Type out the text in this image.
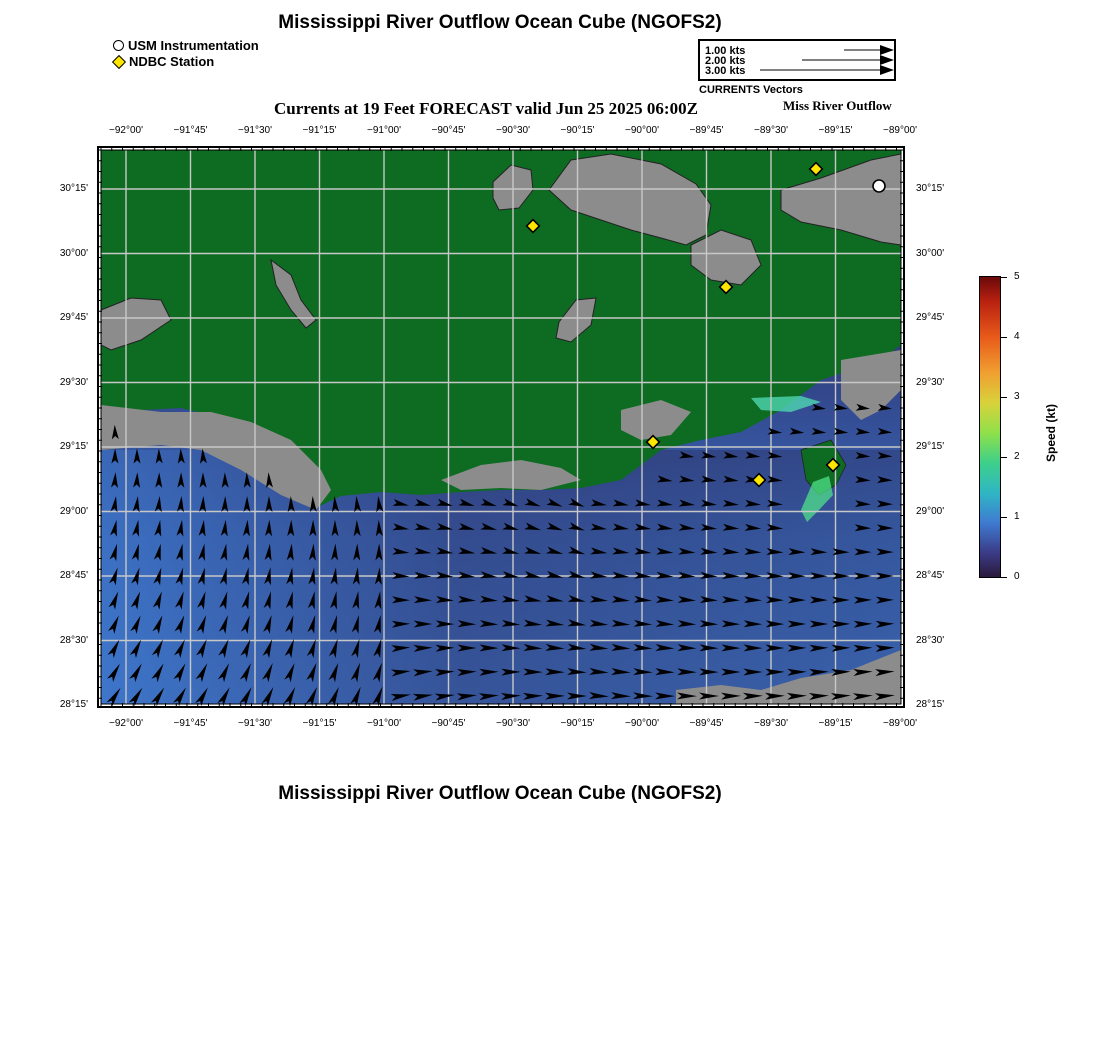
Mississippi River Outflow Ocean Cube (NGOFS2)
USM Instrumentation
NDBC Station
1.00 kts
2.00 kts
3.00 kts
CURRENTS Vectors
Currents at 19 Feet FORECAST valid Jun 25 2025 06:00Z	Miss River Outflow
−92°00'	−91°45'	−91°30'	−91°15'	−91°00'	−90°45'	−90°30'	−90°15'	−90°00'	−89°45'	−89°30'	−89°15'	−89°00'
−92°00'	−91°45'	−91°30'	−91°15'	−91°00'	−90°45'	−90°30'	−90°15'	−90°00'	−89°45'	−89°30'	−89°15'	−89°00'
30°15'
30°00'
29°45'
29°30'
29°15'
29°00'
28°45'
28°30'
28°15'
30°15'
30°00'
29°45'
29°30'
29°15'
29°00'
28°45'
28°30'
28°15'
5
4
3
2
1
0
Speed (kt)
Mississippi River Outflow Ocean Cube (NGOFS2)
